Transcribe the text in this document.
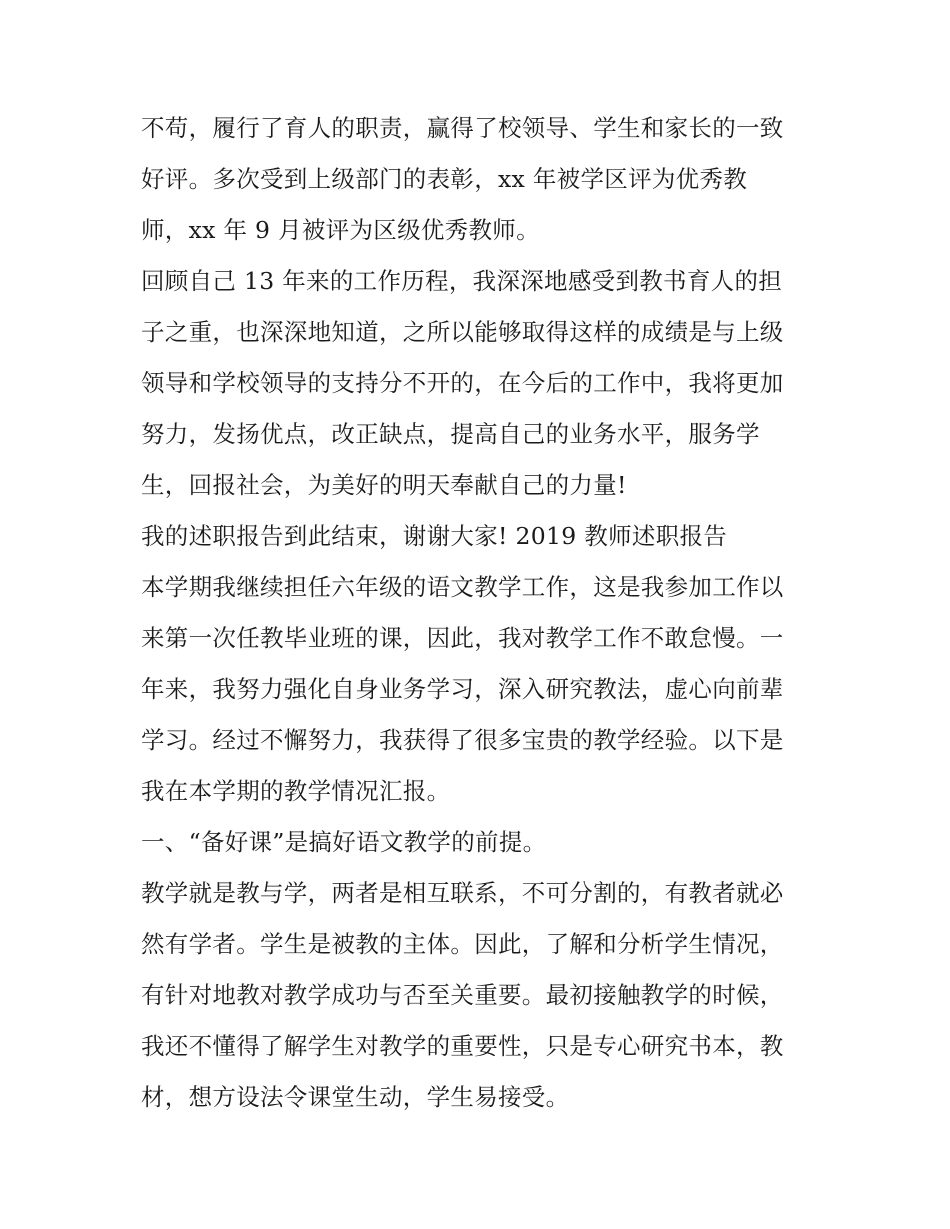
不苟，履行了育人的职责，赢得了校领导、学生和家长的一致
好评。多次受到上级部门的表彰，xx 年被学区评为优秀教
师，xx 年 9 月被评为区级优秀教师。
回顾自己 13 年来的工作历程，我深深地感受到教书育人的担
子之重，也深深地知道，之所以能够取得这样的成绩是与上级
领导和学校领导的支持分不开的，在今后的工作中，我将更加
努力，发扬优点，改正缺点，提高自己的业务水平，服务学
生，回报社会，为美好的明天奉献自己的力量!
我的述职报告到此结束，谢谢大家! 2019 教师述职报告
本学期我继续担任六年级的语文教学工作，这是我参加工作以
来第一次任教毕业班的课，因此，我对教学工作不敢怠慢。一
年来，我努力强化自身业务学习，深入研究教法，虚心向前辈
学习。经过不懈努力，我获得了很多宝贵的教学经验。以下是
我在本学期的教学情况汇报。
一、“备好课”是搞好语文教学的前提。
教学就是教与学，两者是相互联系，不可分割的，有教者就必
然有学者。学生是被教的主体。因此，了解和分析学生情况，
有针对地教对教学成功与否至关重要。最初接触教学的时候，
我还不懂得了解学生对教学的重要性，只是专心研究书本，教
材，想方设法令课堂生动，学生易接受。
